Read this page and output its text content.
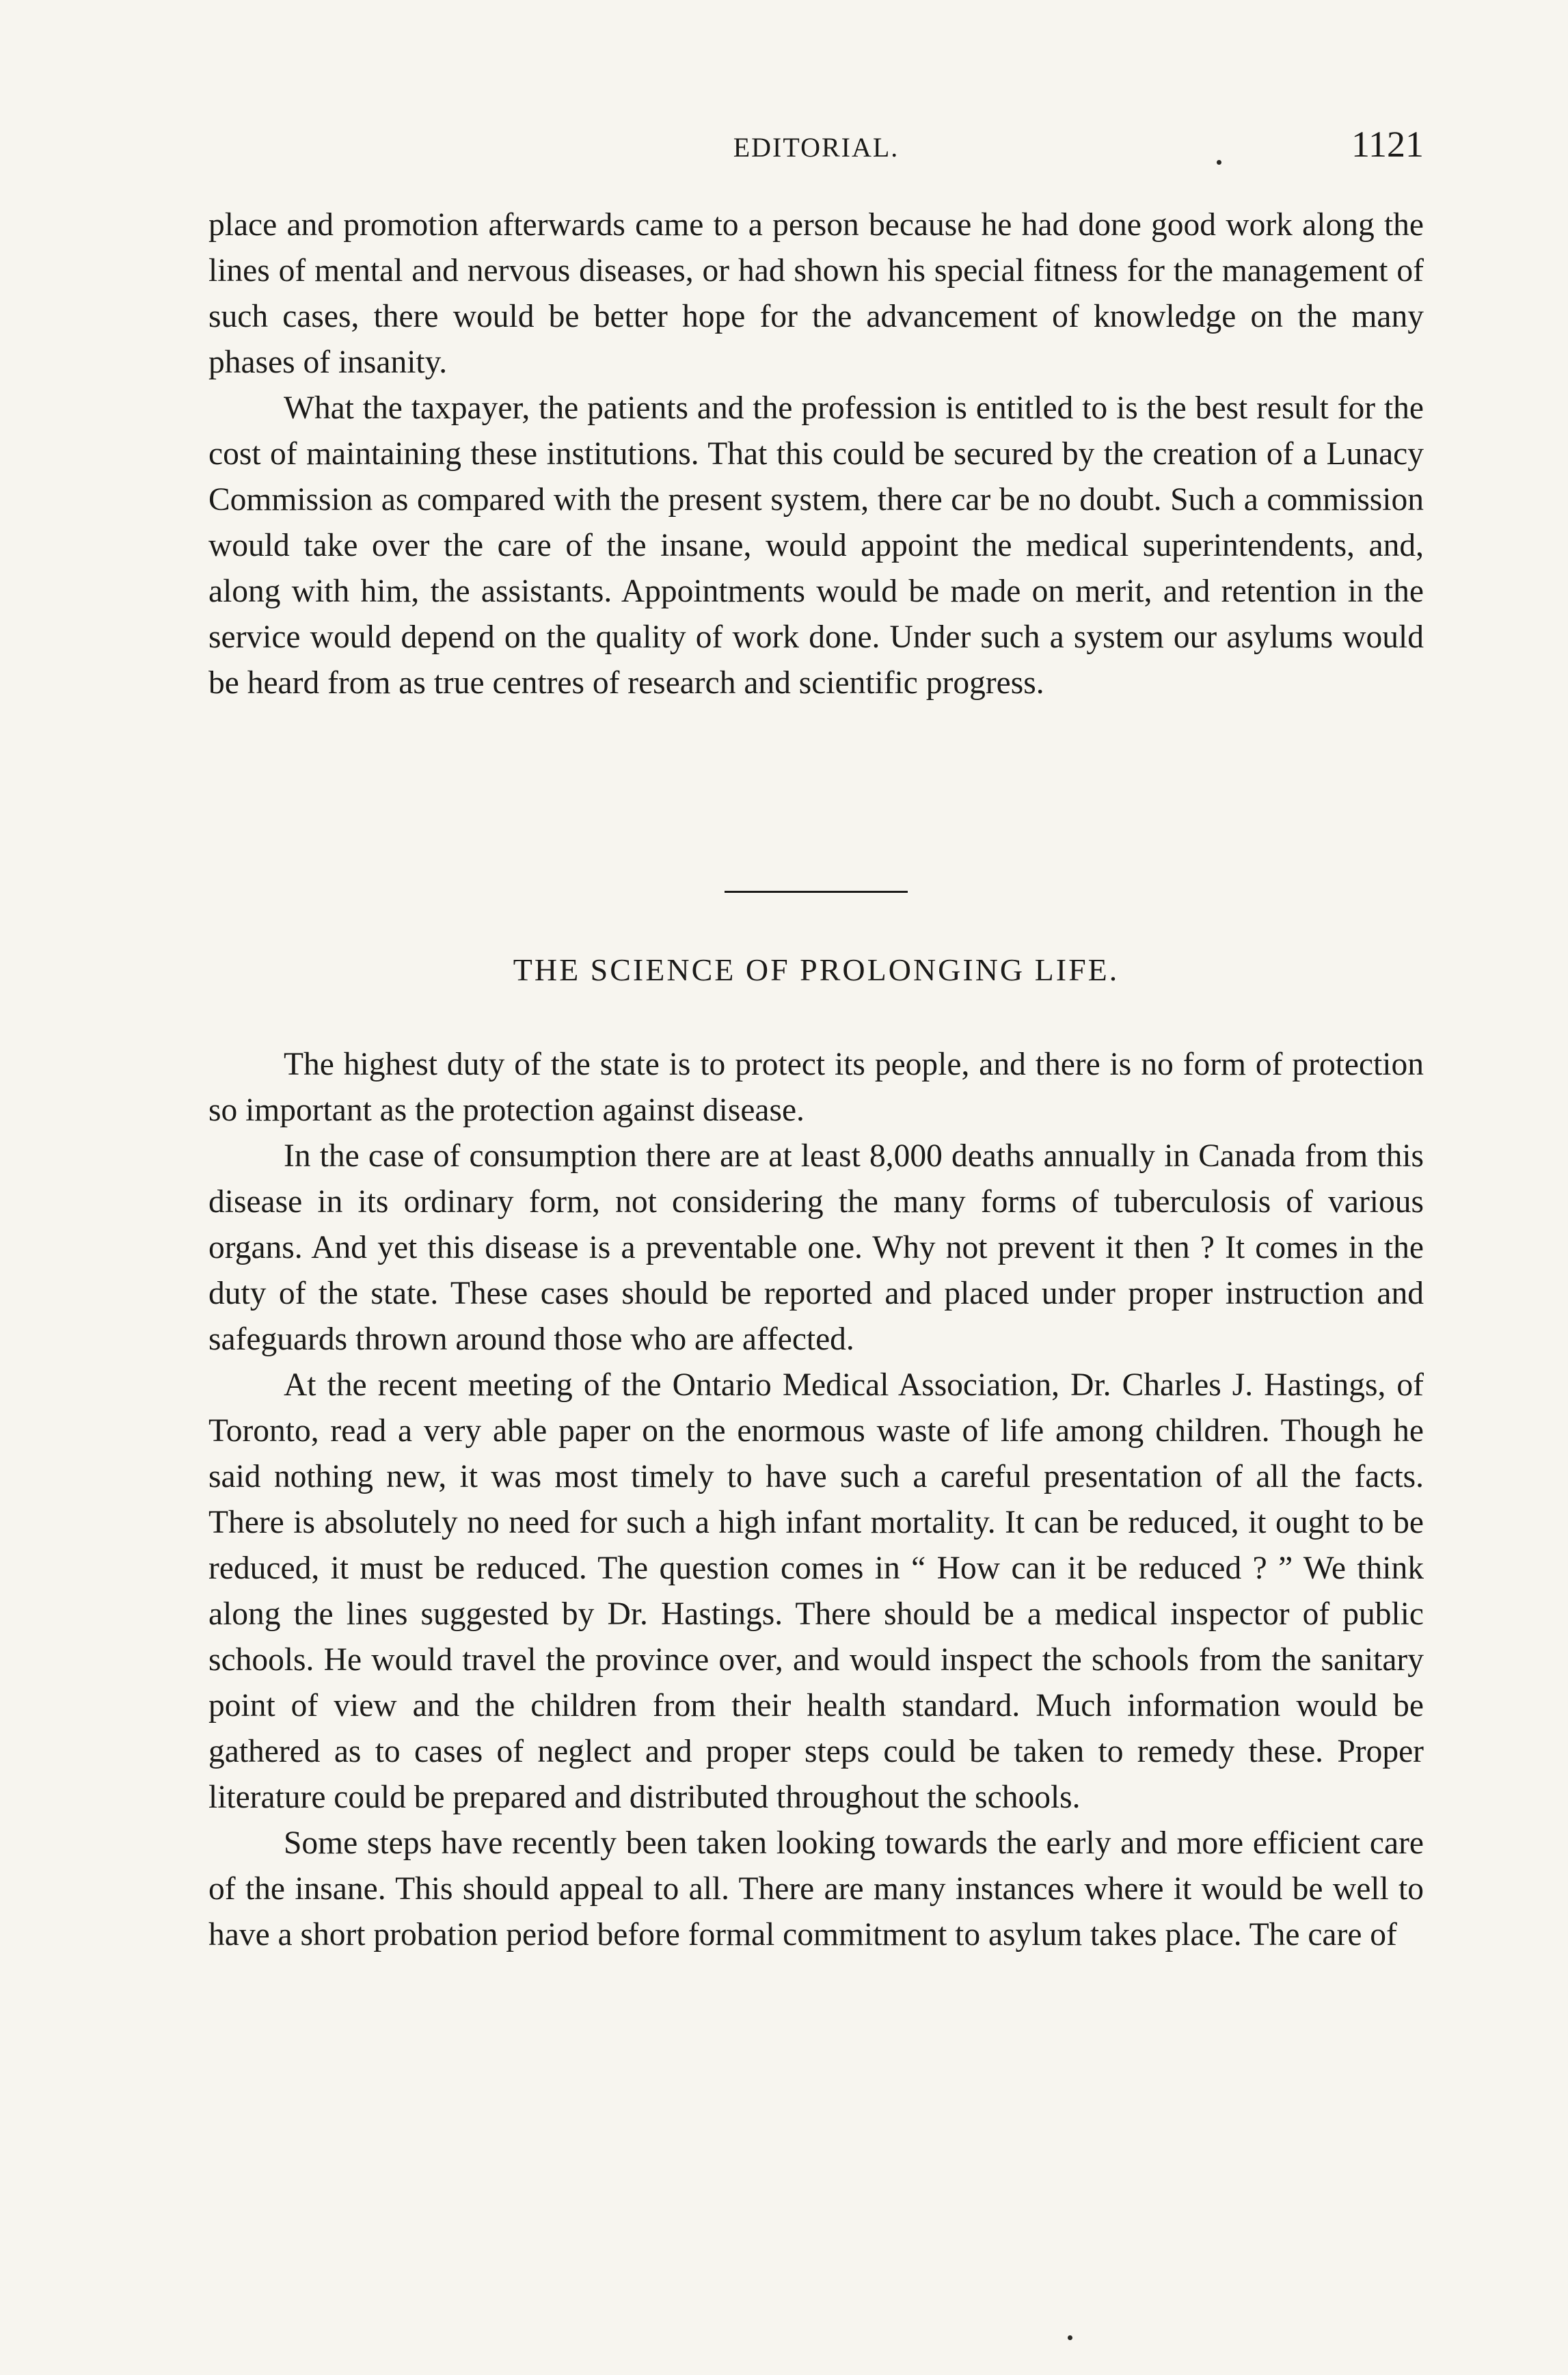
EDITORIAL.	1121

place and promotion afterwards came to a person because he had done good work along the lines of mental and nervous diseases, or had shown his special fitness for the management of such cases, there would be better hope for the advancement of knowledge on the many phases of insanity.

What the taxpayer, the patients and the profession is entitled to is the best result for the cost of maintaining these institutions. That this could be secured by the creation of a Lunacy Commission as compared with the present system, there car be no doubt. Such a commission would take over the care of the insane, would appoint the medical superintendents, and, along with him, the assistants. Appointments would be made on merit, and retention in the service would depend on the quality of work done. Under such a system our asylums would be heard from as true centres of research and scientific progress.

THE SCIENCE OF PROLONGING LIFE.

The highest duty of the state is to protect its people, and there is no form of protection so important as the protection against disease.

In the case of consumption there are at least 8,000 deaths annually in Canada from this disease in its ordinary form, not considering the many forms of tuberculosis of various organs. And yet this disease is a preventable one. Why not prevent it then ? It comes in the duty of the state. These cases should be reported and placed under proper instruction and safeguards thrown around those who are affected.

At the recent meeting of the Ontario Medical Association, Dr. Charles J. Hastings, of Toronto, read a very able paper on the enormous waste of life among children. Though he said nothing new, it was most timely to have such a careful presentation of all the facts. There is absolutely no need for such a high infant mortality. It can be reduced, it ought to be reduced, it must be reduced. The question comes in “ How can it be reduced ? ” We think along the lines suggested by Dr. Hastings. There should be a medical inspector of public schools. He would travel the province over, and would inspect the schools from the sanitary point of view and the children from their health standard. Much information would be gathered as to cases of neglect and proper steps could be taken to remedy these. Proper literature could be prepared and distributed throughout the schools.

Some steps have recently been taken looking towards the early and more efficient care of the insane. This should appeal to all. There are many instances where it would be well to have a short probation period before formal commitment to asylum takes place. The care of
